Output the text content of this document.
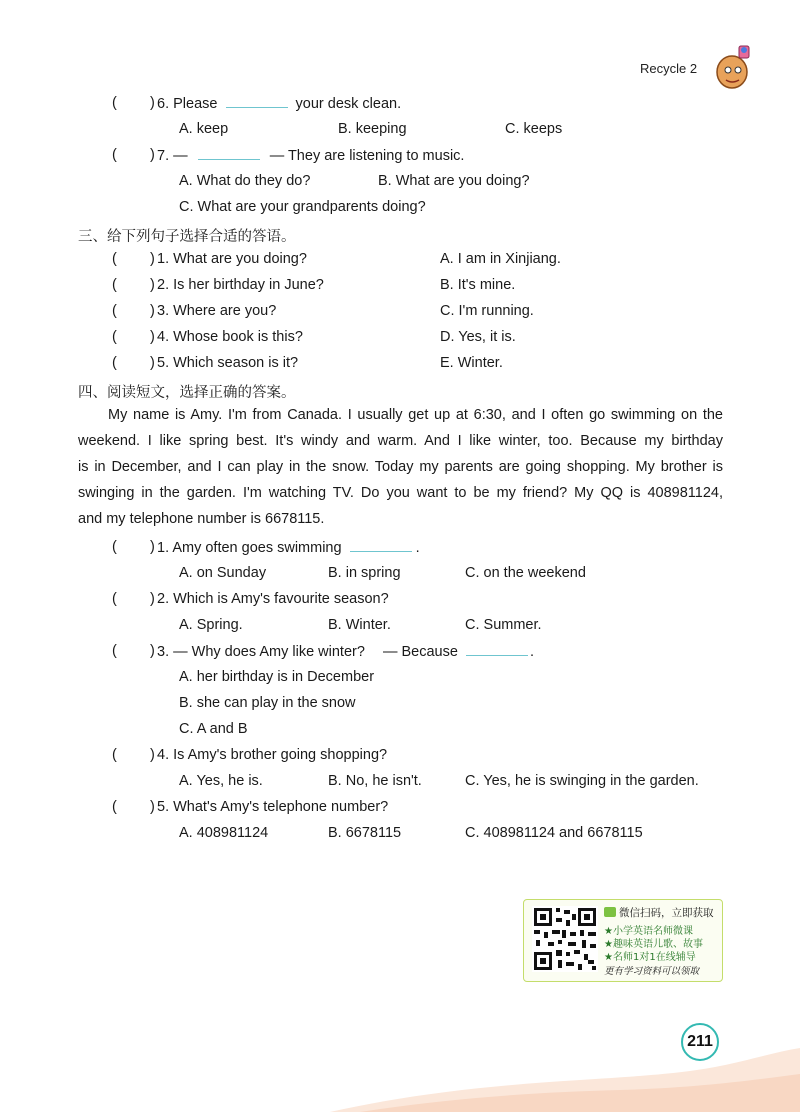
Recycle 2
( ) 6. Please	your desk clean.
A. keep	B. keeping	C. keeps
( ) 7. —	— They are listening to music.
A. What do they do?	B. What are you doing?
C. What are your grandparents doing?
三、给下列句子选择合适的答语。
( ) 1. What are you doing?	A. I am in Xinjiang.
( ) 2. Is her birthday in June?	B. It's mine.
( ) 3. Where are you?	C. I'm running.
( ) 4. Whose book is this?	D. Yes, it is.
( ) 5. Which season is it?	E. Winter.
四、阅读短文，选择正确的答案。
My name is Amy. I'm from Canada. I usually get up at 6:30, and I often go swimming on the
weekend. I like spring best. It's windy and warm. And I like winter, too. Because my birthday
is in December, and I can play in the snow. Today my parents are going shopping. My brother is
swinging in the garden. I'm watching TV. Do you want to be my friend? My QQ is 408981124,
and my telephone number is 6678115.
( ) 1. Amy often goes swimming	.
A. on Sunday	B. in spring	C. on the weekend
( ) 2. Which is Amy's favourite season?
A. Spring.	B. Winter.	C. Summer.
( ) 3. — Why does Amy like winter? — Because	.
A. her birthday is in December
B. she can play in the snow
C. A and B
( ) 4. Is Amy's brother going shopping?
A. Yes, he is.	B. No, he isn't.	C. Yes, he is swinging in the garden.
( ) 5. What's Amy's telephone number?
A. 408981124	B. 6678115	C. 408981124 and 6678115
微信扫码，立即获取
★小学英语名师微课
★趣味英语儿歌、故事
★名师1对1在线辅导
更有学习资料可以领取
211
